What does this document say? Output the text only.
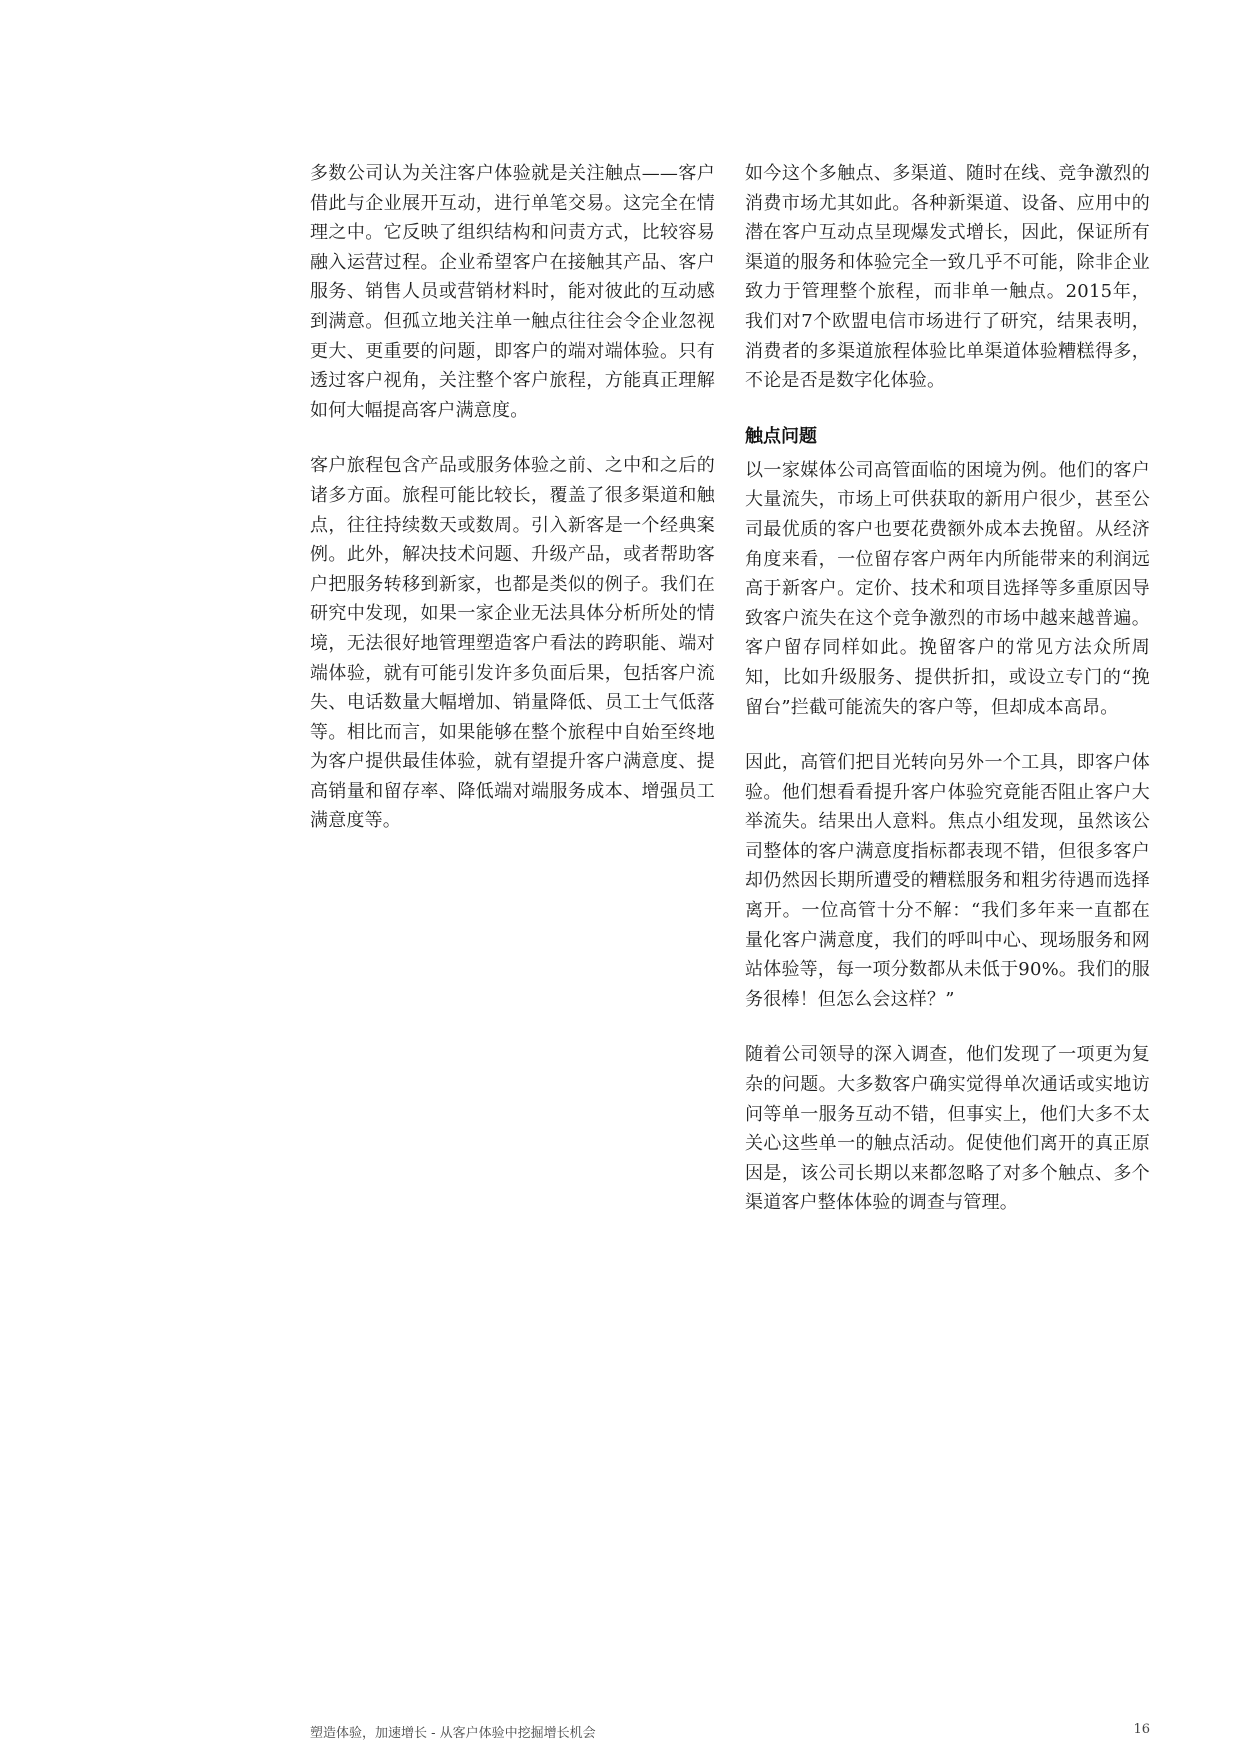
多数公司认为关注客户体验就是关注触点——客户借此与企业展开互动，进行单笔交易。这完全在情理之中。它反映了组织结构和问责方式，比较容易融入运营过程。企业希望客户在接触其产品、客户服务、销售人员或营销材料时，能对彼此的互动感到满意。但孤立地关注单一触点往往会令企业忽视更大、更重要的问题，即客户的端对端体验。只有透过客户视角，关注整个客户旅程，方能真正理解如何大幅提高客户满意度。

客户旅程包含产品或服务体验之前、之中和之后的诸多方面。旅程可能比较长，覆盖了很多渠道和触点，往往持续数天或数周。引入新客是一个经典案例。此外，解决技术问题、升级产品，或者帮助客户把服务转移到新家，也都是类似的例子。我们在研究中发现，如果一家企业无法具体分析所处的情境，无法很好地管理塑造客户看法的跨职能、端对端体验，就有可能引发许多负面后果，包括客户流失、电话数量大幅增加、销量降低、员工士气低落等。相比而言，如果能够在整个旅程中自始至终地为客户提供最佳体验，就有望提升客户满意度、提高销量和留存率、降低端对端服务成本、增强员工满意度等。

如今这个多触点、多渠道、随时在线、竞争激烈的消费市场尤其如此。各种新渠道、设备、应用中的潜在客户互动点呈现爆发式增长，因此，保证所有渠道的服务和体验完全一致几乎不可能，除非企业致力于管理整个旅程，而非单一触点。2015年，我们对7个欧盟电信市场进行了研究，结果表明，消费者的多渠道旅程体验比单渠道体验糟糕得多，不论是否是数字化体验。

触点问题

以一家媒体公司高管面临的困境为例。他们的客户大量流失，市场上可供获取的新用户很少，甚至公司最优质的客户也要花费额外成本去挽留。从经济角度来看，一位留存客户两年内所能带来的利润远高于新客户。定价、技术和项目选择等多重原因导致客户流失在这个竞争激烈的市场中越来越普遍。客户留存同样如此。挽留客户的常见方法众所周知，比如升级服务、提供折扣，或设立专门的“挽留台”拦截可能流失的客户等，但却成本高昂。

因此，高管们把目光转向另外一个工具，即客户体验。他们想看看提升客户体验究竟能否阻止客户大举流失。结果出人意料。焦点小组发现，虽然该公司整体的客户满意度指标都表现不错，但很多客户却仍然因长期所遭受的糟糕服务和粗劣待遇而选择离开。一位高管十分不解：“我们多年来一直都在量化客户满意度，我们的呼叫中心、现场服务和网站体验等，每一项分数都从未低于90%。我们的服务很棒！但怎么会这样？”

随着公司领导的深入调查，他们发现了一项更为复杂的问题。大多数客户确实觉得单次通话或实地访问等单一服务互动不错，但事实上，他们大多不太关心这些单一的触点活动。促使他们离开的真正原因是，该公司长期以来都忽略了对多个触点、多个渠道客户整体体验的调查与管理。

塑造体验，加速增长 - 从客户体验中挖掘增长机会	16
